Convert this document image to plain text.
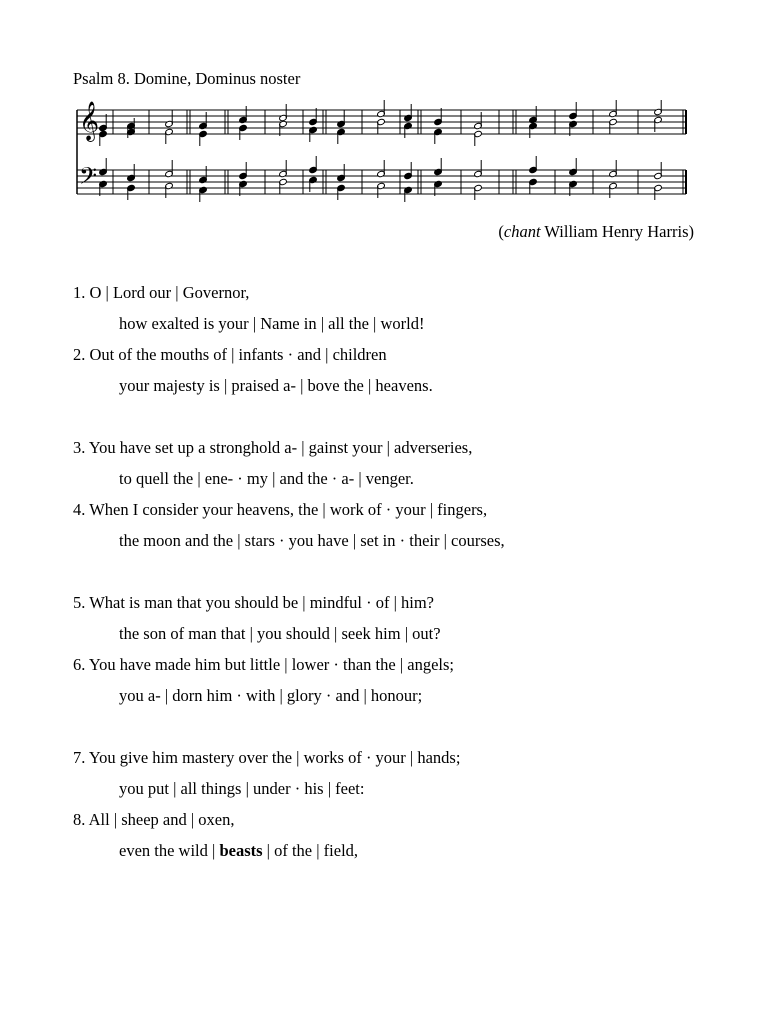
Psalm 8. Domine, Dominus noster
𝄞
𝄢
(chant William Henry Harris)
1. O | Lord our | Governor,
how exalted is your | Name in | all the | world!
2. Out of the mouths of | infants · and | children
your majesty is | praised a- | bove the | heavens.
3. You have set up a stronghold a- | gainst your | adverseries,
to quell the | ene- · my | and the · a- | venger.
4. When I consider your heavens, the | work of · your | fingers,
the moon and the | stars · you have | set in · their | courses,
5. What is man that you should be | mindful · of | him?
the son of man that | you should | seek him | out?
6. You have made him but little | lower · than the | angels;
you a- | dorn him · with | glory · and | honour;
7. You give him mastery over the | works of · your | hands;
you put | all things | under · his | feet:
8. All | sheep and | oxen,
even the wild | beasts | of the | field,
